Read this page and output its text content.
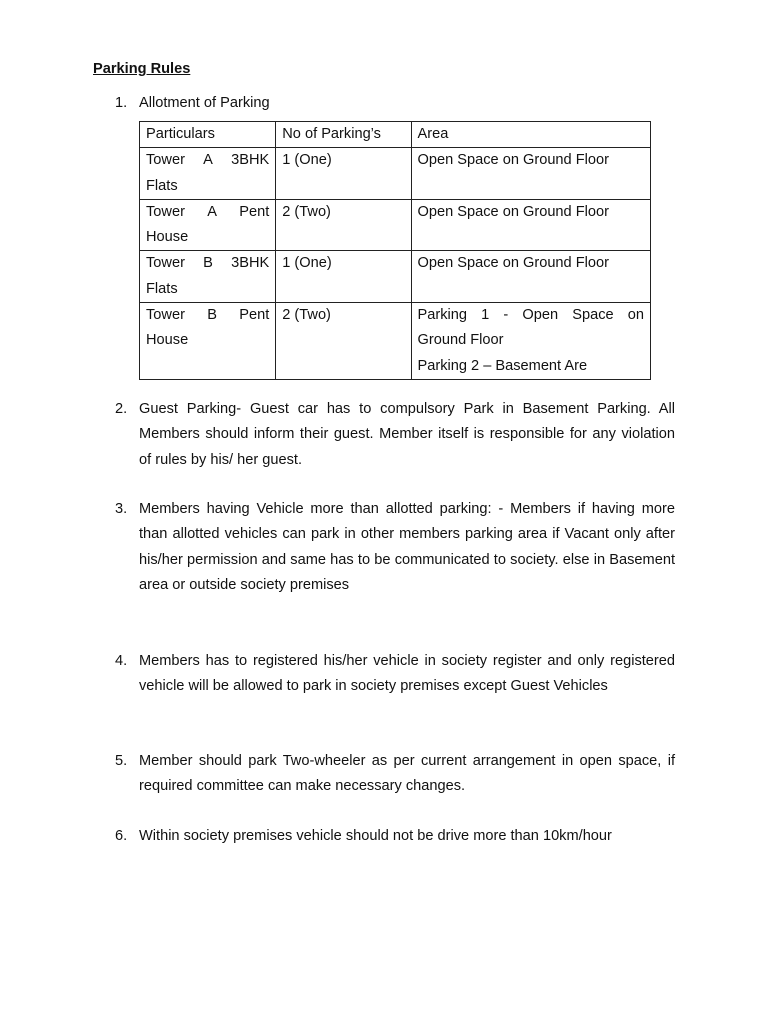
Parking Rules
1. Allotment of Parking
Particulars	No of Parking’s	Area

Tower A 3BHK
Flats	1 (One)	Open Space on Ground Floor

Tower A Pent
House	2 (Two)	Open Space on Ground Floor

Tower B 3BHK
Flats	1 (One)	Open Space on Ground Floor

Tower B Pent
House	2 (Two)	Parking 1 - Open Space on
Ground Floor
Parking 2 – Basement Are
2. Guest Parking- Guest car has to compulsory Park in Basement Parking. All Members should inform their guest. Member itself is responsible for any violation of rules by his/ her guest.
3. Members having Vehicle more than allotted parking: - Members if having more than allotted vehicles can park in other members parking area if Vacant only after his/her permission and same has to be communicated to society. else in Basement area or outside society premises
4. Members has to registered his/her vehicle in society register and only registered vehicle will be allowed to park in society premises except Guest Vehicles
5. Member should park Two-wheeler as per current arrangement in open space, if required committee can make necessary changes.
6. Within society premises vehicle should not be drive more than 10km/hour
